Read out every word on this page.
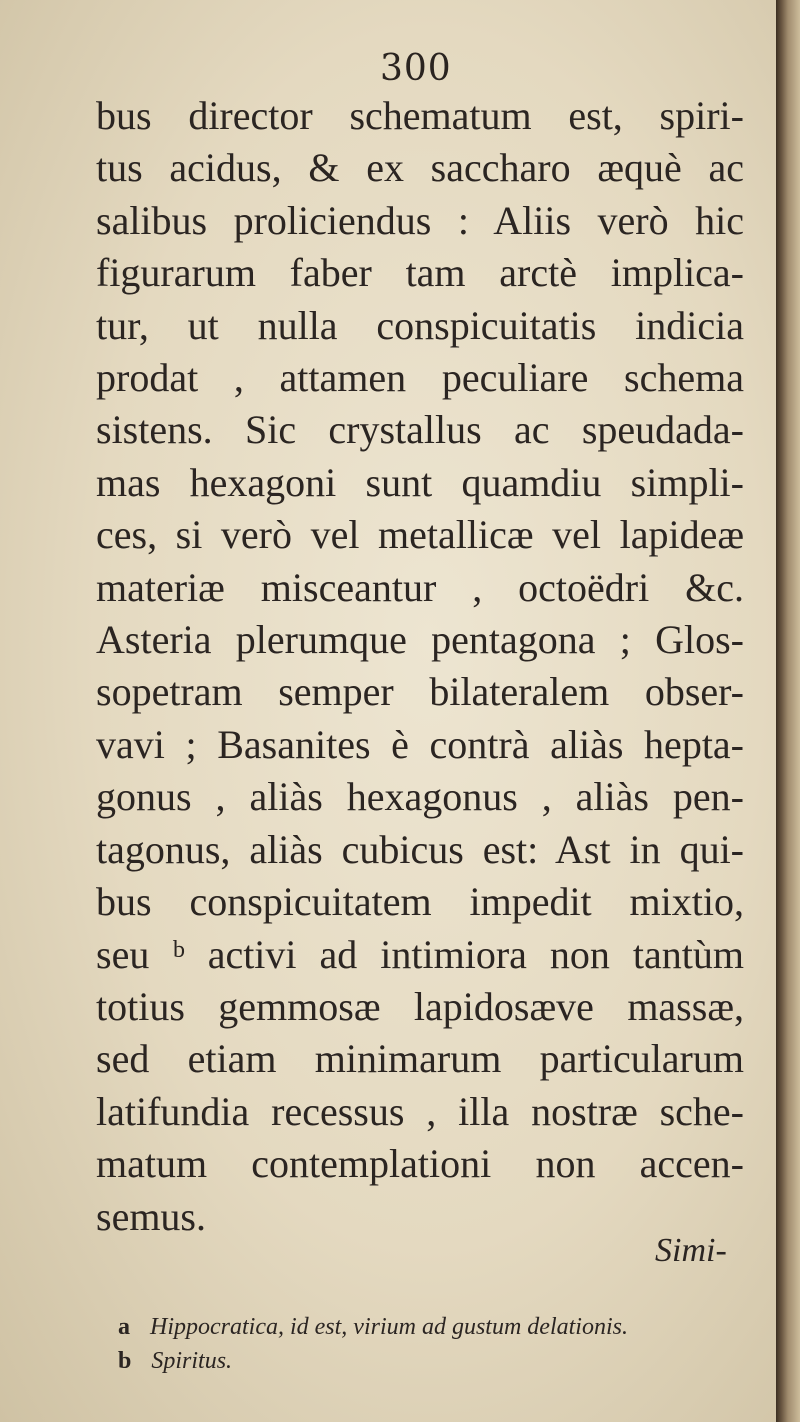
300
bus director schematum est, spiri-
tus acidus, & ex saccharo æquè ac
salibus proliciendus : Aliis verò hic
figurarum faber tam arctè implica-
tur, ut nulla conspicuitatis indicia
prodat , attamen peculiare schema
sistens. Sic crystallus ac speudada-
mas hexagoni sunt quamdiu simpli-
ces, si verò vel metallicæ vel lapideæ
materiæ misceantur , octoëdri &c.
Asteria plerumque pentagona ; Glos-
sopetram semper bilateralem obser-
vavi ; Basanites è contrà aliàs hepta-
gonus , aliàs hexagonus , aliàs pen-
tagonus, aliàs cubicus est: Ast in qui-
bus conspicuitatem impedit mixtio,
seu ᵇ activi ad intimiora non tantùm
totius gemmosæ lapidosæve massæ,
sed etiam minimarum particularum
latifundia recessus , illa nostræ sche-
matum contemplationi non accen-
semus.
Simi-
a Hippocratica, id est, virium ad gustum delationis.
b Spiritus.
